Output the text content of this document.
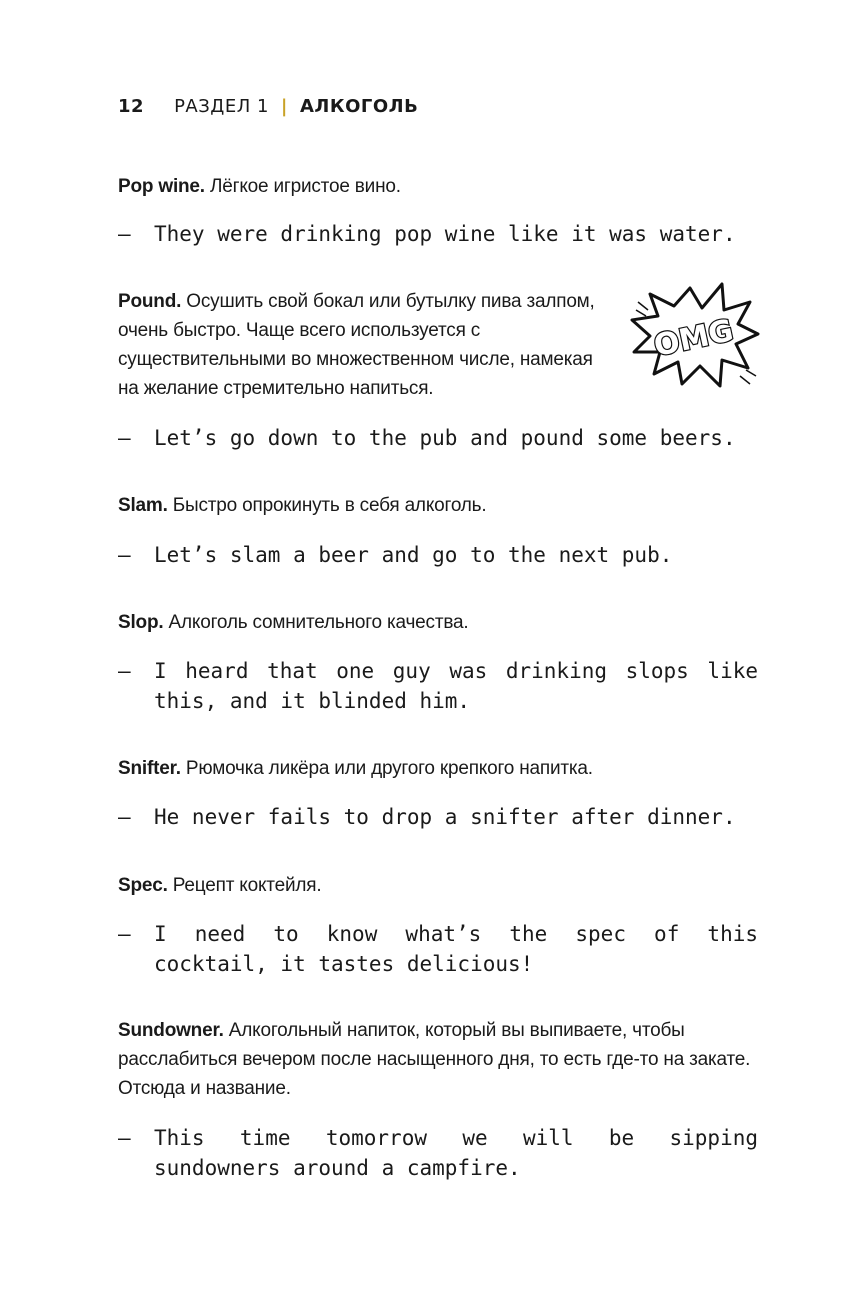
12 РАЗДЕЛ 1 | АЛКОГОЛЬ
Pop wine. Лёгкое игристое вино.
— They were drinking pop wine like it was water.
Pound. Осушить свой бокал или бутылку пива залпом, очень быстро. Чаще всего используется с существительными во множественном числе, намекая на желание стремительно напиться.
OMG
— Let’s go down to the pub and pound some beers.
Slam. Быстро опрокинуть в себя алкоголь.
— Let’s slam a beer and go to the next pub.
Slop. Алкоголь сомнительного качества.
— I heard that one guy was drinking slops like this, and it blinded him.
Snifter. Рюмочка ликёра или другого крепкого напитка.
— He never fails to drop a snifter after dinner.
Spec. Рецепт коктейля.
— I need to know what’s the spec of this cocktail, it tastes delicious!
Sundowner. Алкогольный напиток, который вы выпиваете, чтобы расслабиться вечером после насыщенного дня, то есть где-то на закате. Отсюда и название.
— This time tomorrow we will be sipping sundowners around a campfire.
